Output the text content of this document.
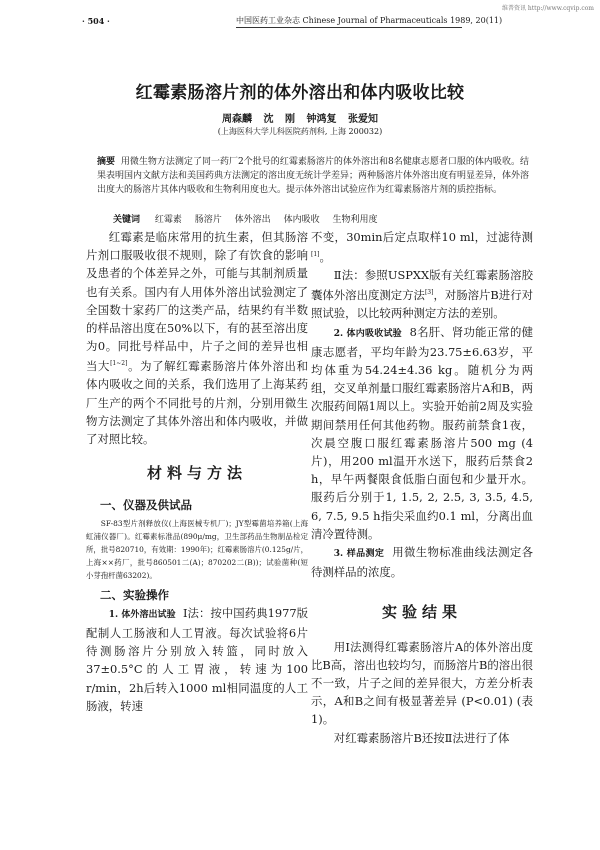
维普资讯 http://www.cqvip.com
· 504 ·	中国医药工业杂志 Chinese Journal of Pharmaceuticals 1989, 20(11)
红霉素肠溶片剂的体外溶出和体内吸收比较
周森麟 沈 刚 钟鸿复 张爱知
(上海医科大学儿科医院药剂科, 上海 200032)
摘要 用微生物方法测定了同一药厂2个批号的红霉素肠溶片的体外溶出和8名健康志愿者口服的体内吸收。结果表明国内文献方法和美国药典方法测定的溶出度无统计学差异；两种肠溶片体外溶出度有明显差异，体外溶出度大的肠溶片其体内吸收和生物利用度也大。提示体外溶出试验应作为红霉素肠溶片剂的质控指标。
关键词 红霉素 肠溶片 体外溶出 体内吸收 生物利用度

红霉素是临床常用的抗生素，但其肠溶片剂口服吸收很不规则，除了有饮食的影响及患者的个体差异之外，可能与其制剂质量也有关系。国内有人用体外溶出试验测定了全国数十家药厂的这类产品，结果约有半数的样品溶出度在50%以下，有的甚至溶出度为0。同批号样品中，片子之间的差异也相当大[1~2]。为了解红霉素肠溶片体外溶出和体内吸收之间的关系，我们选用了上海某药厂生产的两个不同批号的片剂，分别用微生物方法测定了其体外溶出和体内吸收，并做了对照比较。

材料与方法
一、仪器及供试品

SF-83型片剂释放仪(上海医械专机厂)；JY型霉菌培养箱(上海虹浦仪器厂)。红霉素标准品(890μ/mg，卫生部药品生物制品检定所，批号820710，有效期：1990年)；红霉素肠溶片(0.125g/片，上海××药厂，批号860501二(A)；870202二(B))；试验菌种(短小芽孢杆菌63202)。

二、实验操作

1. 体外溶出试验 Ⅰ法：按中国药典1977版配制人工肠液和人工胃液。每次试验将6片待测肠溶片分别放入转篮，同时放入37±0.5°C的人工胃液，转速为100 r/min，2h后转入1000 ml相同温度的人工肠液，转速

不变，30min后定点取样10 ml，过滤待测[1]。

Ⅱ法：参照USPXX版有关红霉素肠溶胶囊体外溶出度测定方法[3]，对肠溶片B进行对照试验，以比较两种测定方法的差别。

2. 体内吸收试验 8名肝、肾功能正常的健康志愿者，平均年龄为23.75±6.63岁，平均体重为54.24±4.36 kg。随机分为两组，交叉单剂量口服红霉素肠溶片A和B，两次服药间隔1周以上。实验开始前2周及实验期间禁用任何其他药物。服药前禁食1夜，次晨空腹口服红霉素肠溶片500 mg (4片)，用200 ml温开水送下，服药后禁食2 h，早午两餐限食低脂白面包和少量开水。服药后分别于1, 1.5, 2, 2.5, 3, 3.5, 4.5, 6, 7.5, 9.5 h指尖采血约0.1 ml，分离出血清冷置待测。

3. 样品测定 用微生物标准曲线法测定各待测样品的浓度。

实验结果

用Ⅰ法测得红霉素肠溶片A的体外溶出度比B高，溶出也较均匀，而肠溶片B的溶出很不一致，片子之间的差异很大，方差分析表示，A和B之间有极显著差异 (P<0.01) (表1)。

对红霉素肠溶片B还按Ⅱ法进行了体
